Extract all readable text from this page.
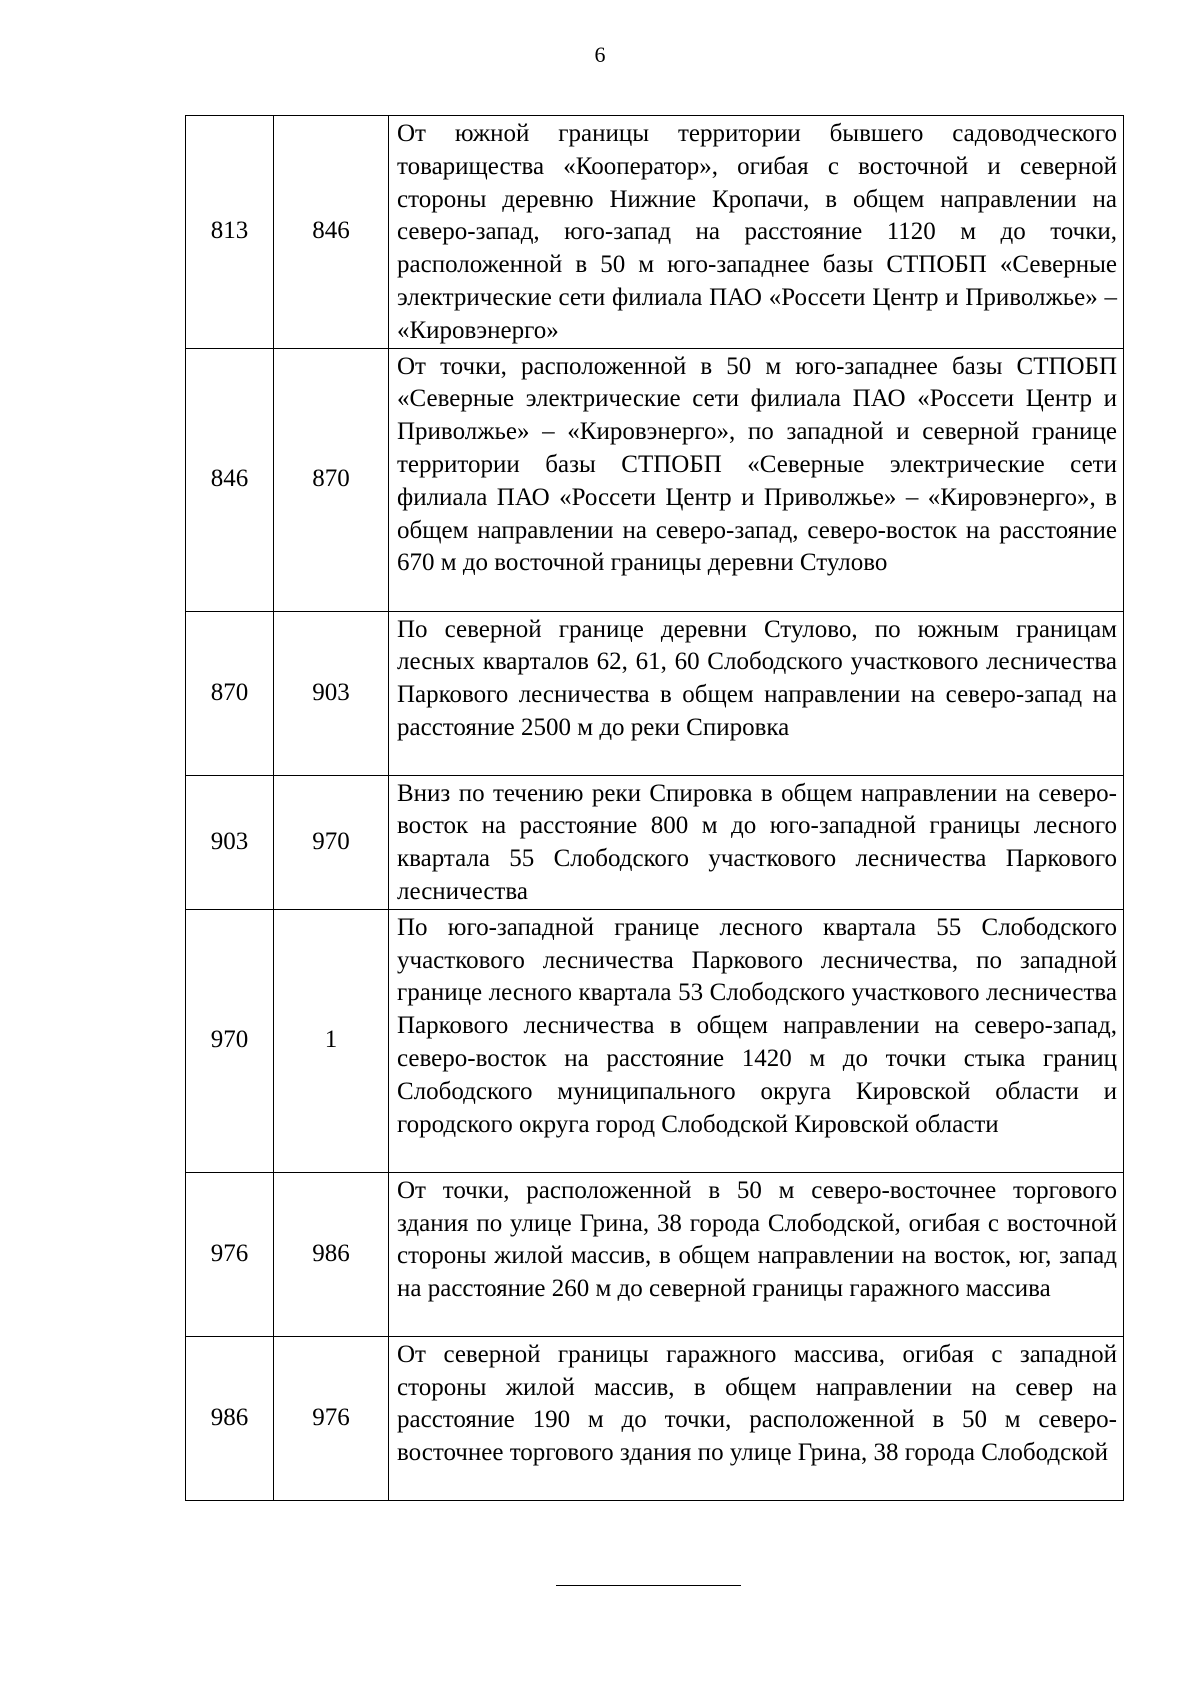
6
813	846	От южной границы территории бывшего садоводческого товарищества «Кооператор», огибая с восточной и северной стороны деревню Нижние Кропачи, в общем направлении на северо-запад, юго-запад на расстояние 1120 м до точки, расположенной в 50 м юго-западнее базы СТПОБП «Северные электрические сети филиала ПАО «Россети Центр и Приволжье» – «Кировэнерго»
846	870	От точки, расположенной в 50 м юго-западнее базы СТПОБП «Северные электрические сети филиала ПАО «Россети Центр и Приволжье» – «Кировэнерго», по западной и северной границе территории базы СТПОБП «Северные электрические сети филиала ПАО «Россети Центр и Приволжье» – «Кировэнерго», в общем направлении на северо-запад, северо-восток на расстояние 670 м до восточной границы деревни Стулово
870	903	По северной границе деревни Стулово, по южным границам лесных кварталов 62, 61, 60 Слободского участкового лесничества Паркового лесничества в общем направлении на северо-запад на расстояние 2500 м до реки Спировка
903	970	Вниз по течению реки Спировка в общем направлении на северо-восток на расстояние 800 м до юго-западной границы лесного квартала 55 Слободского участкового лесничества Паркового лесничества
970	1	По юго-западной границе лесного квартала 55 Слободского участкового лесничества Паркового лесничества, по западной границе лесного квартала 53 Слободского участкового лесничества Паркового лесничества в общем направлении на северо-запад, северо-восток на расстояние 1420 м до точки стыка границ Слободского муниципального округа Кировской области и городского округа город Слободской Кировской области
976	986	От точки, расположенной в 50 м северо-восточнее торгового здания по улице Грина, 38 города Слободской, огибая с восточной стороны жилой массив, в общем направлении на восток, юг, запад на расстояние 260 м до северной границы гаражного массива
986	976	От северной границы гаражного массива, огибая с западной стороны жилой массив, в общем направлении на север на расстояние 190 м до точки, расположенной в 50 м северо-восточнее торгового здания по улице Грина, 38 города Слободской
